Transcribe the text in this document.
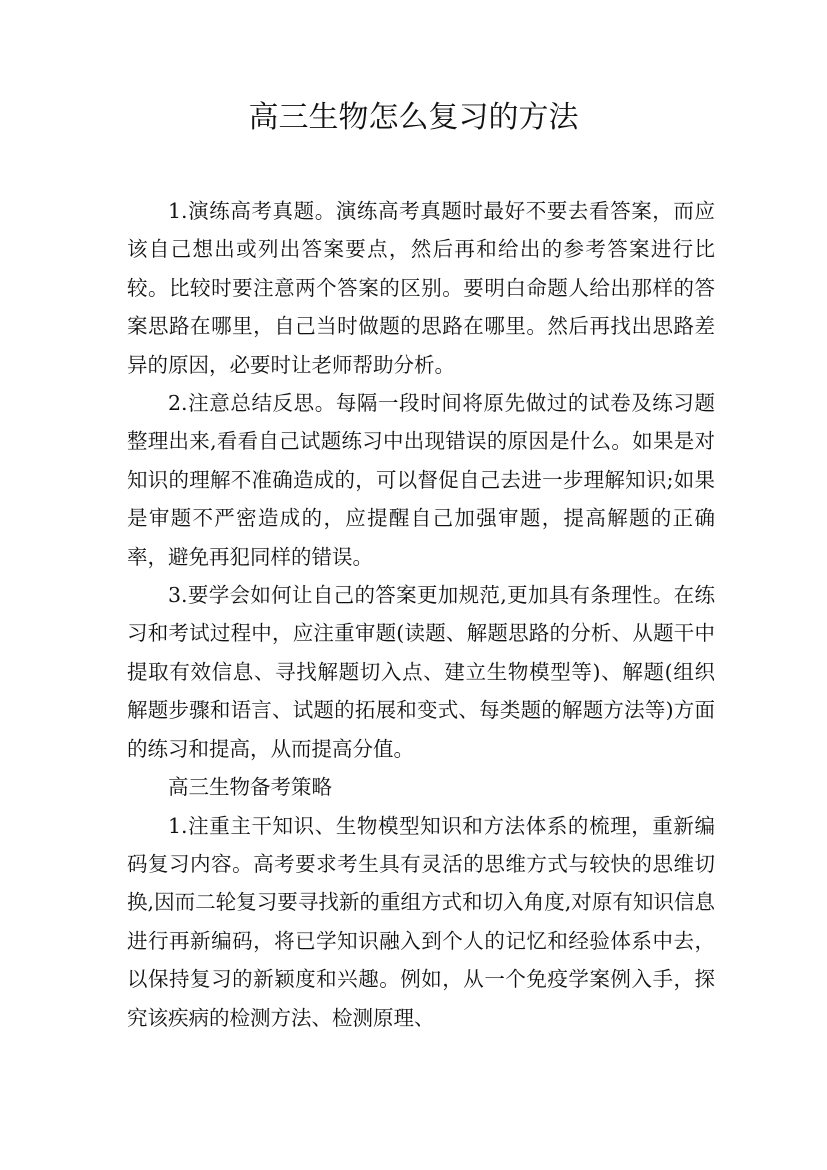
高三生物怎么复习的方法

1.演练高考真题。演练高考真题时最好不要去看答案，而应该自己想出或列出答案要点，然后再和给出的参考答案进行比较。比较时要注意两个答案的区别。要明白命题人给出那样的答案思路在哪里，自己当时做题的思路在哪里。然后再找出思路差异的原因，必要时让老师帮助分析。

2.注意总结反思。每隔一段时间将原先做过的试卷及练习题整理出来,看看自己试题练习中出现错误的原因是什么。如果是对知识的理解不准确造成的，可以督促自己去进一步理解知识;如果是审题不严密造成的，应提醒自己加强审题，提高解题的正确率，避免再犯同样的错误。

3.要学会如何让自己的答案更加规范,更加具有条理性。在练习和考试过程中，应注重审题(读题、解题思路的分析、从题干中提取有效信息、寻找解题切入点、建立生物模型等)、解题(组织解题步骤和语言、试题的拓展和变式、每类题的解题方法等)方面的练习和提高，从而提高分值。

高三生物备考策略

1.注重主干知识、生物模型知识和方法体系的梳理，重新编码复习内容。高考要求考生具有灵活的思维方式与较快的思维切换,因而二轮复习要寻找新的重组方式和切入角度,对原有知识信息进行再新编码，将已学知识融入到个人的记忆和经验体系中去，以保持复习的新颖度和兴趣。例如，从一个免疫学案例入手，探究该疾病的检测方法、检测原理、
